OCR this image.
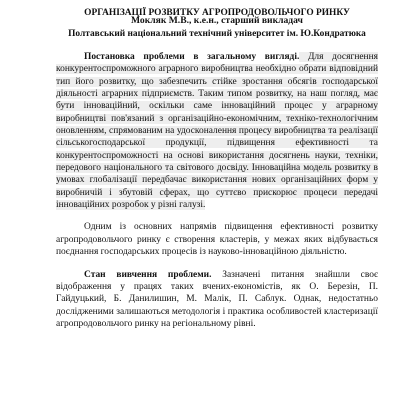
ОРГАНІЗАЦІЇ РОЗВИТКУ АГРОПРОДОВОЛЬЧОГО РИНКУ
Мокляк М.В., к.е.н., старший викладач
Полтавський національний технічний університет ім. Ю.Кондратюка

Постановка проблеми в загальному вигляді. Для досягнення конкурентоспроможного аграрного виробництва необхідно обрати відповідний тип його розвитку, що забезпечить стійке зростання обсягів господарської діяльності аграрних підприємств. Таким типом розвитку, на наш погляд, має бути інноваційний, оскільки саме інноваційний процес у аграрному виробництві пов'язаний з організаційно-економічним, техніко-технологічним оновленням, спрямованим на удосконалення процесу виробництва та реалізації сільськогосподарської продукції, підвищення ефективності та конкурентоспроможності на основі використання досягнень науки, техніки, передового національного та світового досвіду. Інноваційна модель розвитку в умовах глобалізації передбачає використання нових організаційних форм у виробничій і збутовій сферах, що суттєво прискорює процеси передачі інноваційних розробок у різні галузі.

Одним із основних напрямів підвищення ефективності розвитку агропродовольчого ринку є створення кластерів, у межах яких відбувається поєднання господарських процесів із науково-інноваційною діяльністю.

Стан вивчення проблеми. Зазначені питання знайшли своє відображення у працях таких вчених-економістів, як О. Березін, П. Гайдуцький, Б. Данилишин, М. Малік, П. Саблук. Однак, недостатньо дослідженими залишаються методологія і практика особливостей кластеризації агропродовольчого ринку на регіональному рівні.
